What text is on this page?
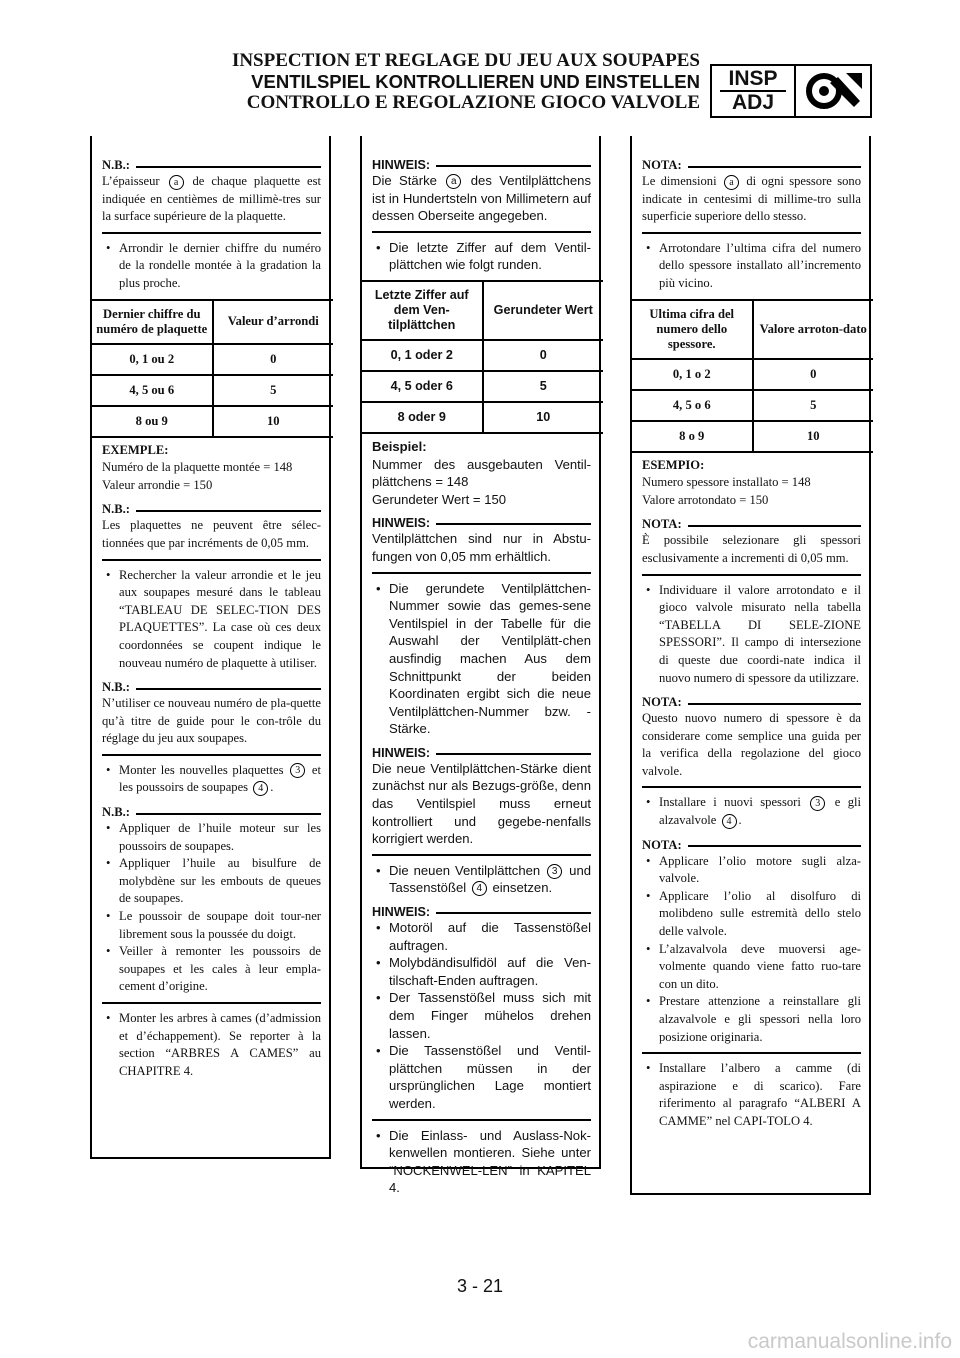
INSPECTION ET REGLAGE DU JEU AUX SOUPAPES
VENTILSPIEL KONTROLLIEREN UND EINSTELLEN
CONTROLLO E REGOLAZIONE GIOCO VALVOLE
INSP
ADJ
N.B.:
L’épaisseur a de chaque plaquette est indiquée en centièmes de millimè-tres sur la surface supérieure de la plaquette.
• Arrondir le dernier chiffre du numéro de la rondelle montée à la gradation la plus proche.
Dernier chiffre du numéro de plaquette	Valeur d’arrondi
0, 1 ou 2	0
4, 5 ou 6	5
8 ou 9	10
EXEMPLE:
Numéro de la plaquette montée = 148
Valeur arrondie = 150
N.B.:
Les plaquettes ne peuvent être sélec-tionnées que par incréments de 0,05 mm.
• Rechercher la valeur arrondie et le jeu aux soupapes mesuré dans le tableau “TABLEAU DE SELEC-TION DES PLAQUETTES”. La case où ces deux coordonnées se coupent indique le nouveau numéro de plaquette à utiliser.
N.B.:
N’utiliser ce nouveau numéro de pla-quette qu’à titre de guide pour le con-trôle du réglage du jeu aux soupapes.
• Monter les nouvelles plaquettes 3 et les poussoirs de soupapes 4 .
N.B.:
• Appliquer de l’huile moteur sur les poussoirs de soupapes.
• Appliquer l’huile au bisulfure de molybdène sur les embouts de queues de soupapes.
• Le poussoir de soupape doit tour-ner librement sous la poussée du doigt.
• Veiller à remonter les poussoirs de soupapes et les cales à leur empla-cement d’origine.
• Monter les arbres à cames (d’admission et d’échappement). Se reporter à la section “ARBRES A CAMES” au CHAPITRE 4.
HINWEIS:
Die Stärke a des Ventilplättchens ist in Hundertsteln von Millimetern auf dessen Oberseite angegeben.
• Die letzte Ziffer auf dem Ventil-plättchen wie folgt runden.
Letzte Ziffer auf dem Ven-tilplättchen	Gerundeter Wert
0, 1 oder 2	0
4, 5 oder 6	5
8 oder 9	10
Beispiel:
Nummer des ausgebauten Ventil-plättchens = 148
Gerundeter Wert = 150
HINWEIS:
Ventilplättchen sind nur in Abstu-fungen von 0,05 mm erhältlich.
• Die gerundete Ventilplättchen-Nummer sowie das gemes-sene Ventilspiel in der Tabelle für die Auswahl der Ventilplätt-chen ausfindig machen Aus dem Schnittpunkt der beiden Koordinaten ergibt sich die neue Ventilplättchen-Nummer bzw. -Stärke.
HINWEIS:
Die neue Ventilplättchen-Stärke dient zunächst nur als Bezugs-größe, denn das Ventilspiel muss erneut kontrolliert und gegebe-nenfalls korrigiert werden.
• Die neuen Ventilplättchen 3 und Tassenstößel 4 einsetzen.
HINWEIS:
• Motoröl auf die Tassenstößel auftragen.
• Molybdändisulfidöl auf die Ven-tilschaft-Enden auftragen.
• Der Tassenstößel muss sich mit dem Finger mühelos drehen lassen.
• Die Tassenstößel und Ventil-plättchen müssen in der ursprünglichen Lage montiert werden.
• Die Einlass- und Auslass-Nok-kenwellen montieren. Siehe unter “NOCKENWEL-LEN” in KAPITEL 4.
NOTA:
Le dimensioni a di ogni spessore sono indicate in centesimi di millime-tro sulla superficie superiore dello stesso.
• Arrotondare l’ultima cifra del numero dello spessore installato all’incremento più vicino.
Ultima cifra del numero dello spessore.	Valore arroton-dato
0, 1 o 2	0
4, 5 o 6	5
8 o 9	10
ESEMPIO:
Numero spessore installato = 148
Valore arrotondato = 150
NOTA:
È possibile selezionare gli spessori esclusivamente a incrementi di 0,05 mm.
• Individuare il valore arrotondato e il gioco valvole misurato nella tabella “TABELLA DI SELE-ZIONE SPESSORI”. Il campo di intersezione di queste due coordi-nate indica il nuovo numero di spessore da utilizzare.
NOTA:
Questo nuovo numero di spessore è da considerare come semplice una guida per la verifica della regolazione del gioco valvole.
• Installare i nuovi spessori 3 e gli alzavalvole 4 .
NOTA:
• Applicare l’olio motore sugli alza-valvole.
• Applicare l’olio al disolfuro di molibdeno sulle estremità dello stelo delle valvole.
• L’alzavalvola deve muoversi age-volmente quando viene fatto ruo-tare con un dito.
• Prestare attenzione a reinstallare gli alzavalvole e gli spessori nella loro posizione originaria.
• Installare l’albero a camme (di aspirazione e di scarico). Fare riferimento al paragrafo “ALBERI A CAMME” nel CAPI-TOLO 4.
3 - 21
carmanualsonline.info
